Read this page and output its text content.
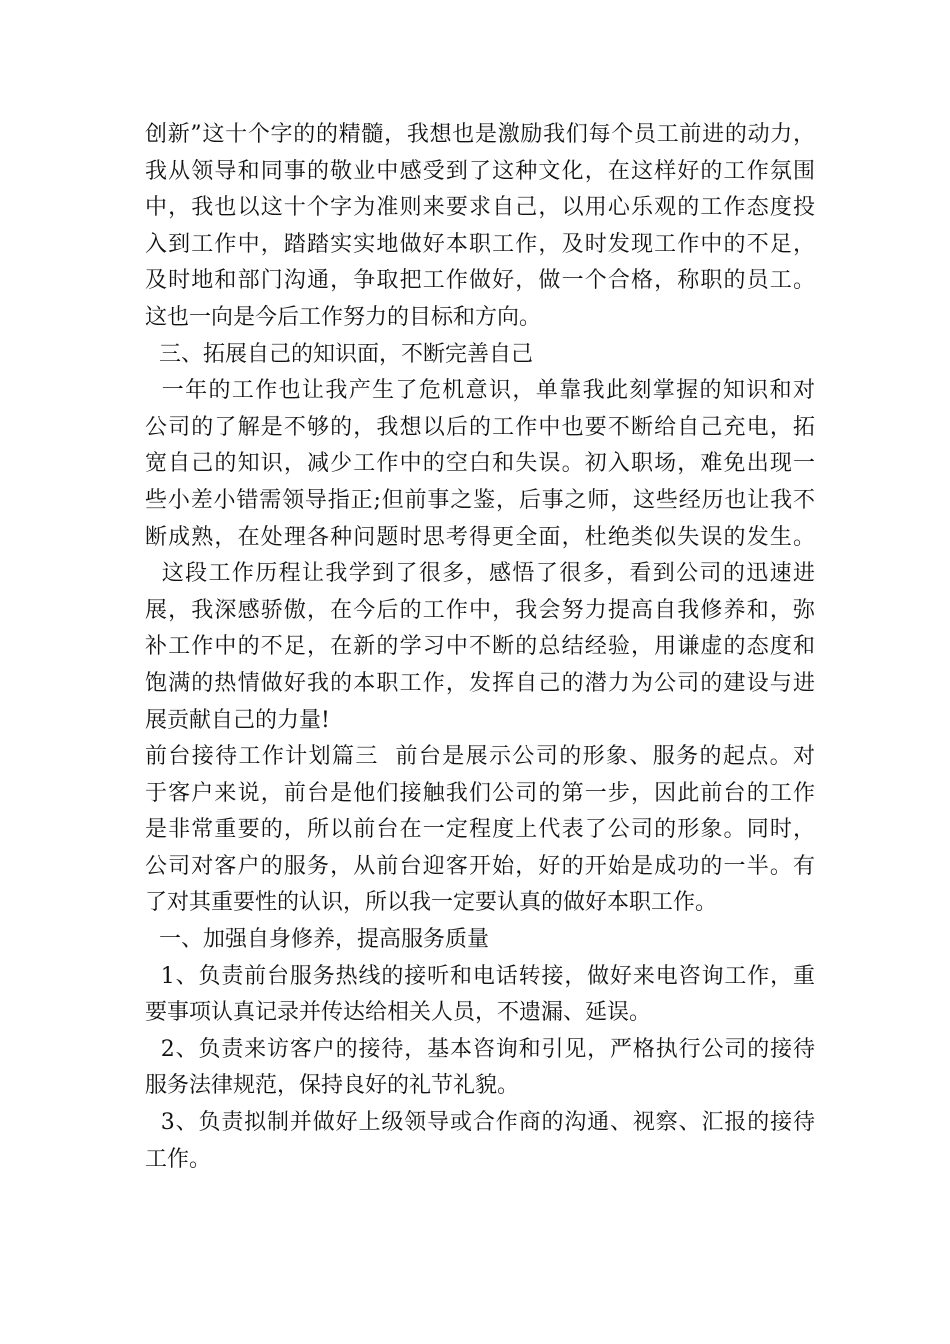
创新”这十个字的的精髓，我想也是激励我们每个员工前进的动力，
我从领导和同事的敬业中感受到了这种文化，在这样好的工作氛围
中，我也以这十个字为准则来要求自己，以用心乐观的工作态度投
入到工作中，踏踏实实地做好本职工作，及时发现工作中的不足，
及时地和部门沟通，争取把工作做好，做一个合格，称职的员工。
这也一向是今后工作努力的目标和方向。
三、拓展自己的知识面，不断完善自己
一年的工作也让我产生了危机意识，单靠我此刻掌握的知识和对
公司的了解是不够的，我想以后的工作中也要不断给自己充电，拓
宽自己的知识，减少工作中的空白和失误。初入职场，难免出现一
些小差小错需领导指正;但前事之鉴，后事之师，这些经历也让我不
断成熟，在处理各种问题时思考得更全面，杜绝类似失误的发生。
这段工作历程让我学到了很多，感悟了很多，看到公司的迅速进
展，我深感骄傲，在今后的工作中，我会努力提高自我修养和，弥
补工作中的不足，在新的学习中不断的总结经验，用谦虚的态度和
饱满的热情做好我的本职工作，发挥自己的潜力为公司的建设与进
展贡献自己的力量!
前台接待工作计划篇三  前台是展示公司的形象、服务的起点。对
于客户来说，前台是他们接触我们公司的第一步，因此前台的工作
是非常重要的，所以前台在一定程度上代表了公司的形象。同时，
公司对客户的服务，从前台迎客开始，好的开始是成功的一半。有
了对其重要性的认识，所以我一定要认真的做好本职工作。
一、加强自身修养，提高服务质量
1、负责前台服务热线的接听和电话转接，做好来电咨询工作，重
要事项认真记录并传达给相关人员，不遗漏、延误。
2、负责来访客户的接待，基本咨询和引见，严格执行公司的接待
服务法律规范，保持良好的礼节礼貌。
3、负责拟制并做好上级领导或合作商的沟通、视察、汇报的接待
工作。
